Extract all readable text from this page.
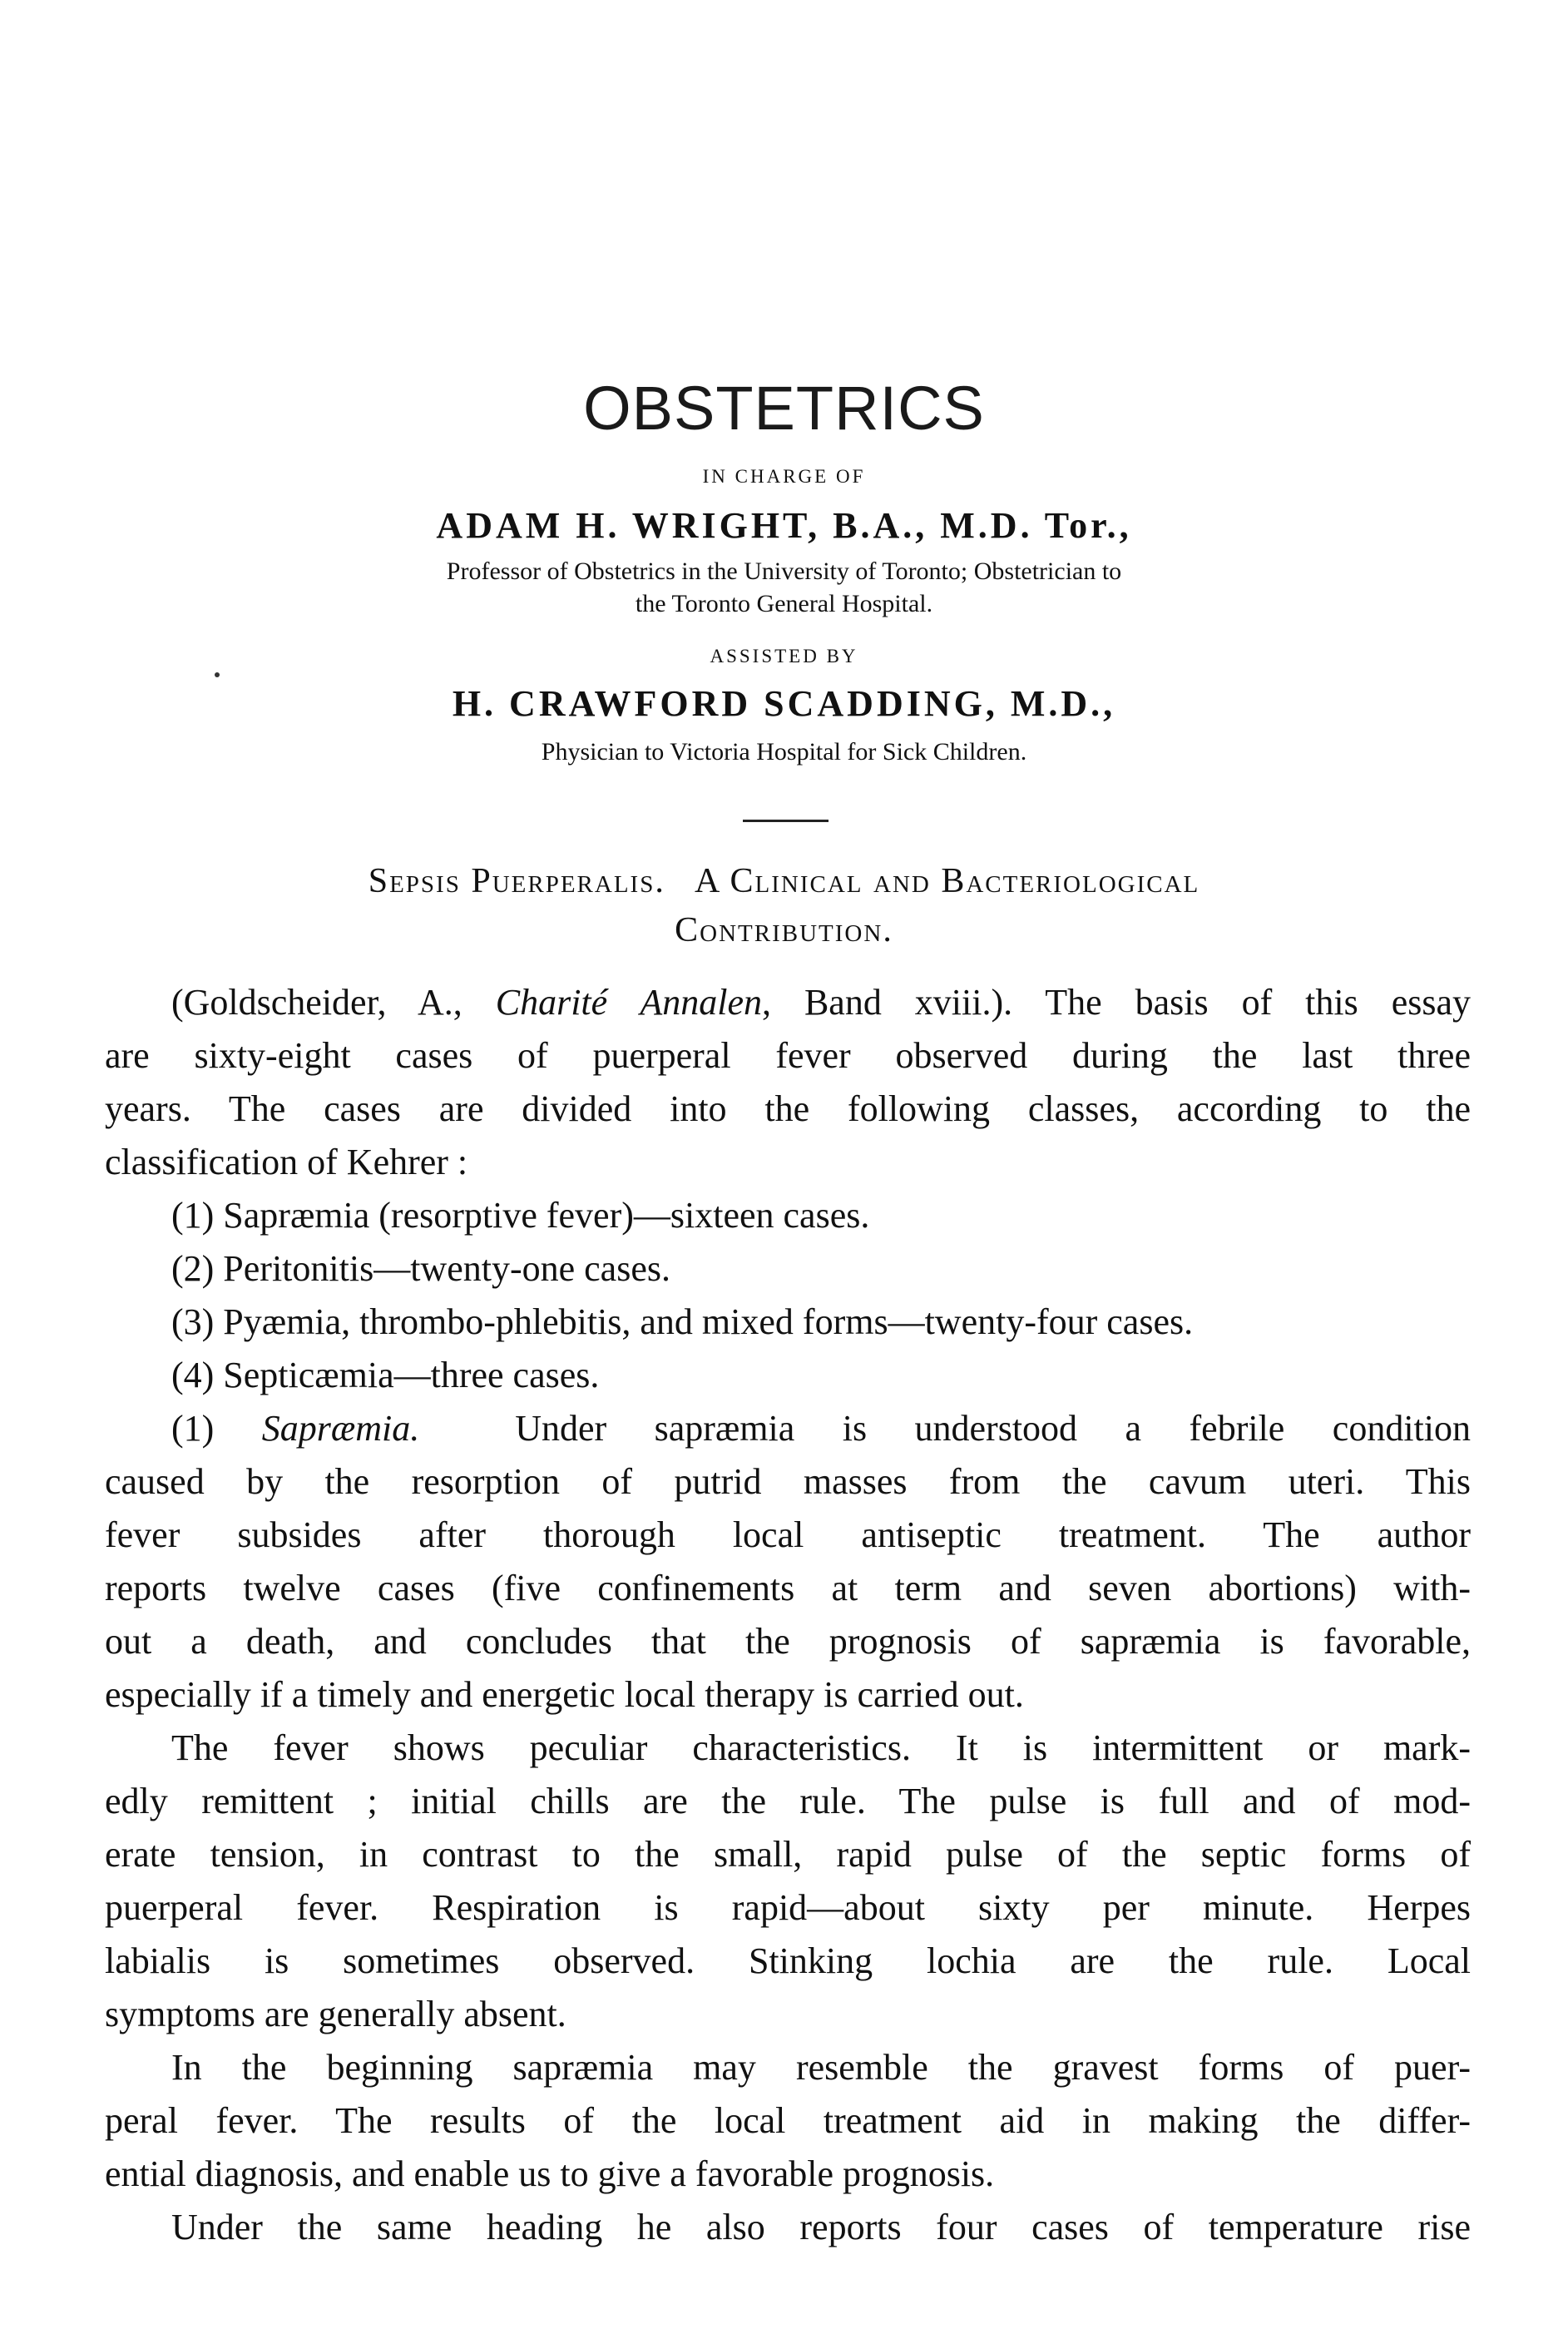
OBSTETRICS
IN CHARGE OF
ADAM H. WRIGHT, B.A., M.D. Tor.,
Professor of Obstetrics in the University of Toronto; Obstetrician to
the Toronto General Hospital.
ASSISTED BY
H. CRAWFORD SCADDING, M.D.,
Physician to Victoria Hospital for Sick Children.
Sepsis Puerperalis.   A Clinical and Bacteriological
Contribution.
(Goldscheider, A., Charité Annalen, Band xviii.). The basis of this essay
are sixty-eight cases of puerperal fever observed during the last three
years. The cases are divided into the following classes, according to the
classification of Kehrer :
(1) Sapræmia (resorptive fever)—sixteen cases.
(2) Peritonitis—twenty-one cases.
(3) Pyæmia, thrombo-phlebitis, and mixed forms—twenty-four cases.
(4) Septicæmia—three cases.
(1) Sapræmia.  Under sapræmia is understood a febrile condition
caused by the resorption of putrid masses from the cavum uteri. This
fever subsides after thorough local antiseptic treatment. The author
reports twelve cases (five confinements at term and seven abortions) with-
out a death, and concludes that the prognosis of sapræmia is favorable,
especially if a timely and energetic local therapy is carried out.
The fever shows peculiar characteristics. It is intermittent or mark-
edly remittent ; initial chills are the rule. The pulse is full and of mod-
erate tension, in contrast to the small, rapid pulse of the septic forms of
puerperal fever. Respiration is rapid—about sixty per minute. Herpes
labialis is sometimes observed. Stinking lochia are the rule. Local
symptoms are generally absent.
In the beginning sapræmia may resemble the gravest forms of puer-
peral fever. The results of the local treatment aid in making the differ-
ential diagnosis, and enable us to give a favorable prognosis.
Under the same heading he also reports four cases of temperature rise
